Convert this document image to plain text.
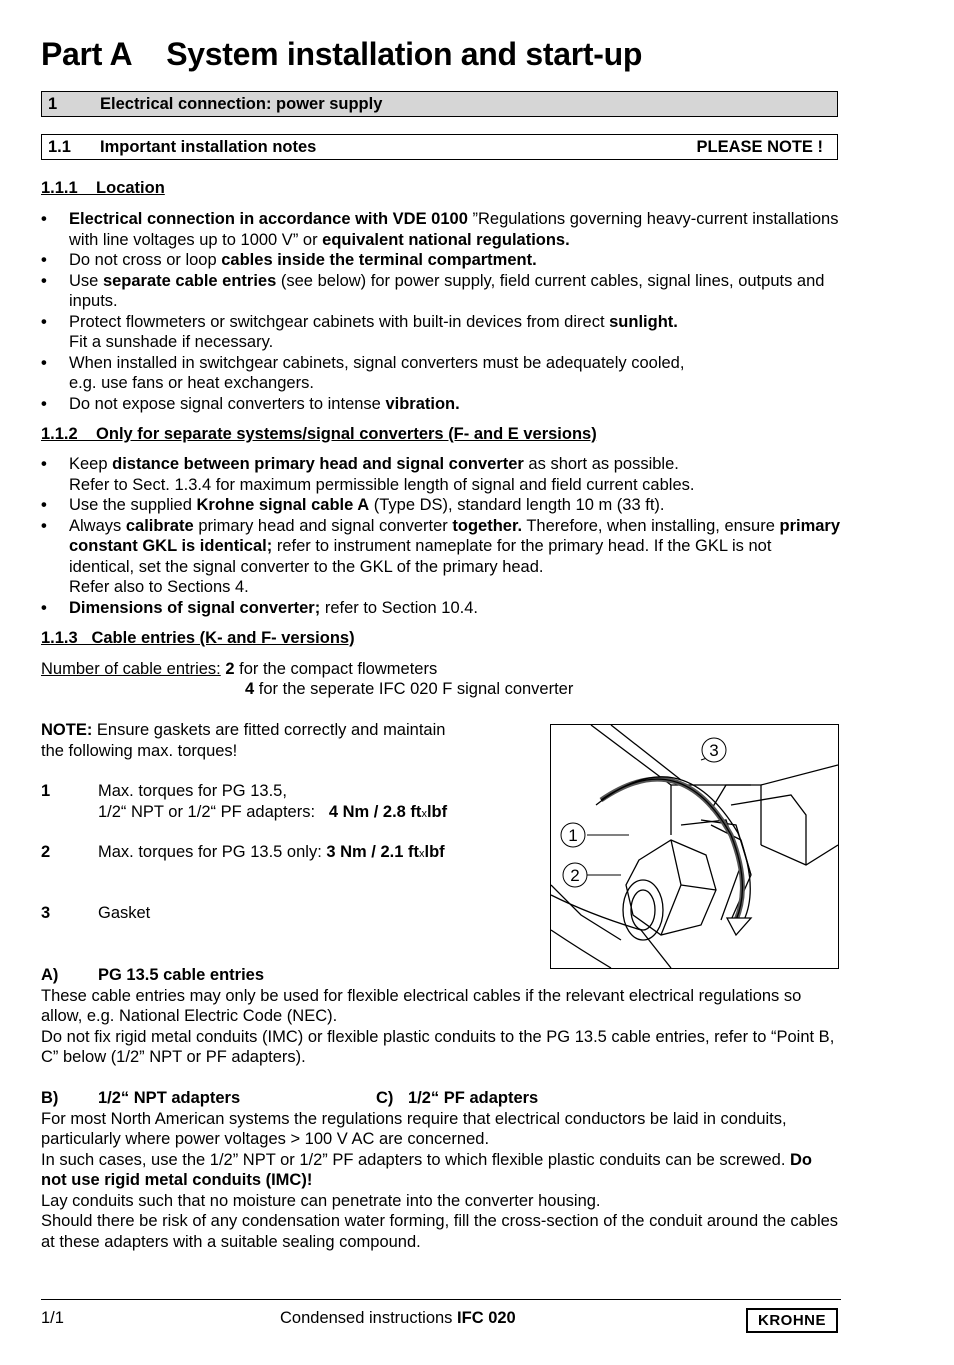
Part A System installation and start-up
1	Electrical connection: power supply
1.1 Important installation notes	PLEASE NOTE !
1.1.1    Location
• Electrical connection in accordance with VDE 0100 ”Regulations governing heavy-current installations with line voltages up to 1000 V” or equivalent national regulations.
• Do not cross or loop cables inside the terminal compartment.
• Use separate cable entries (see below) for power supply, field current cables, signal lines, outputs and inputs.
• Protect flowmeters or switchgear cabinets with built-in devices from direct sunlight.
Fit a sunshade if necessary.
• When installed in switchgear cabinets, signal converters must be adequately cooled,
e.g. use fans or heat exchangers.
• Do not expose signal converters to intense vibration.
1.1.2    Only for separate systems/signal converters (F- and E versions)
• Keep distance between primary head and signal converter as short as possible.
Refer to Sect. 1.3.4 for maximum permissible length of signal and field current cables.
• Use the supplied Krohne signal cable A (Type DS), standard length 10 m (33 ft).
• Always calibrate primary head and signal converter together. Therefore, when installing, ensure primary constant GKL is identical; refer to instrument nameplate for the primary head. If the GKL is not identical, set the signal converter to the GKL of the primary head.
Refer also to Sections 4.
• Dimensions of signal converter; refer to Section 10.4.
1.1.3   Cable entries (K- and F- versions)
Number of cable entries: 2 for the compact flowmeters
4 for the seperate IFC 020 F signal converter
NOTE: Ensure gaskets are fitted correctly and maintain
the following max. torques!
1	Max. torques for PG 13.5,
1/2“ NPT or 1/2“ PF adapters: 4 Nm / 2.8 ftxlbf
2	Max. torques for PG 13.5 only: 3 Nm / 2.1 ftxlbf
3	Gasket
3
1
2
A) PG 13.5 cable entries
These cable entries may only be used for flexible electrical cables if the relevant electrical regulations so allow, e.g. National Electric Code (NEC).
Do not fix rigid metal conduits (IMC) or flexible plastic conduits to the PG 13.5 cable entries, refer to “Point B, C” below (1/2” NPT or PF adapters).
B) 1/2“ NPT adapters	C) 1/2“ PF adapters
For most North American systems the regulations require that electrical conductors be laid in conduits, particularly where power voltages > 100 V AC are concerned.
In such cases, use the 1/2” NPT or 1/2” PF adapters to which flexible plastic conduits can be screwed. Do not use rigid metal conduits (IMC)!
Lay conduits such that no moisture can penetrate into the converter housing.
Should there be risk of any condensation water forming, fill the cross-section of the conduit around the cables at these adapters with a suitable sealing compound.
1/1	Condensed instructions IFC 020	KROHNE
